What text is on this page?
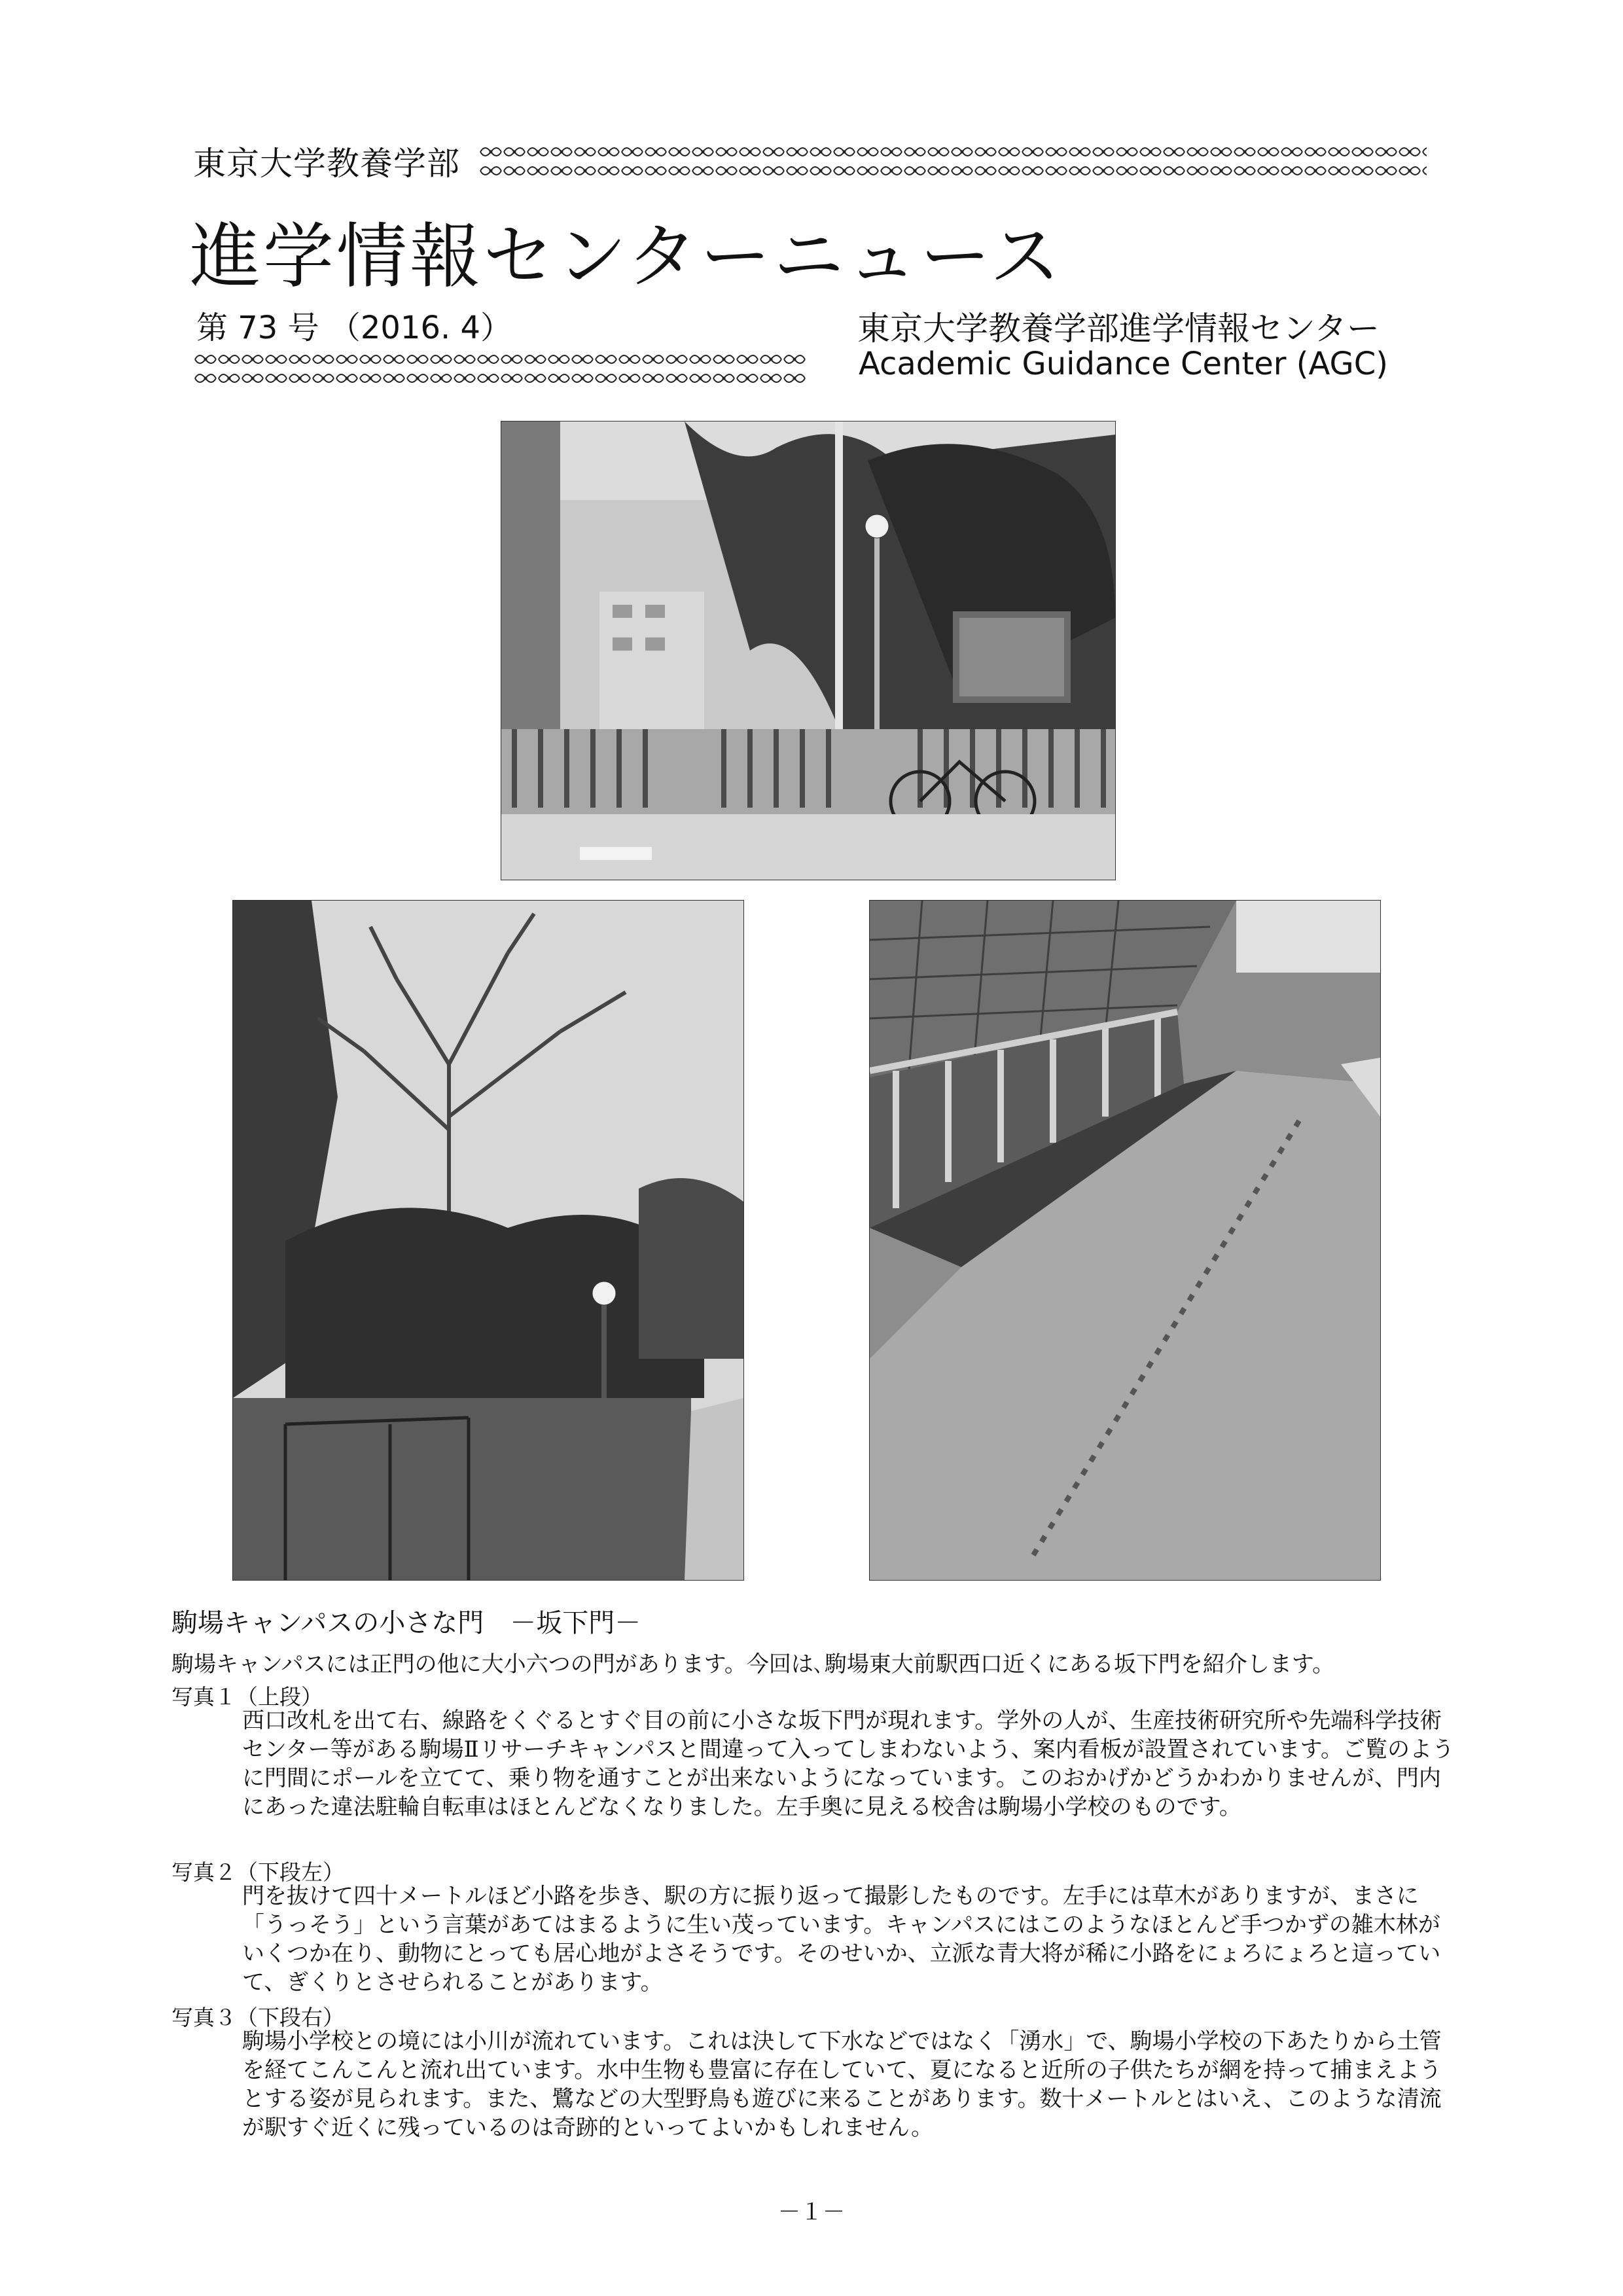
東京大学教養学部
進学情報センターニュース
第 73 号 （2016. 4）	東京大学教養学部進学情報センター
Academic Guidance Center (AGC)
駒場キャンパスの小さな門　－坂下門－
駒場キャンパスには正門の他に大小六つの門があります。今回は､駒場東大前駅西口近くにある坂下門を紹介します。
写真１（上段）
西口改札を出て右、線路をくぐるとすぐ目の前に小さな坂下門が現れます。学外の人が、生産技術研究所や先端科学技術センター等がある駒場Ⅱリサーチキャンパスと間違って入ってしまわないよう、案内看板が設置されています。ご覧のように門間にポールを立てて、乗り物を通すことが出来ないようになっています。このおかげかどうかわかりませんが、門内にあった違法駐輪自転車はほとんどなくなりました。左手奥に見える校舎は駒場小学校のものです。
写真２（下段左）
門を抜けて四十メートルほど小路を歩き、駅の方に振り返って撮影したものです。左手には草木がありますが、まさに「うっそう」という言葉があてはまるように生い茂っています。キャンパスにはこのようなほとんど手つかずの雑木林がいくつか在り、動物にとっても居心地がよさそうです。そのせいか、立派な青大将が稀に小路をにょろにょろと這っていて、ぎくりとさせられることがあります。
写真３（下段右）
駒場小学校との境には小川が流れています。これは決して下水などではなく「湧水」で、駒場小学校の下あたりから土管を経てこんこんと流れ出ています。水中生物も豊富に存在していて、夏になると近所の子供たちが網を持って捕まえようとする姿が見られます。また、鷺などの大型野鳥も遊びに来ることがあります。数十メートルとはいえ、このような清流が駅すぐ近くに残っているのは奇跡的といってよいかもしれません。
－１－
